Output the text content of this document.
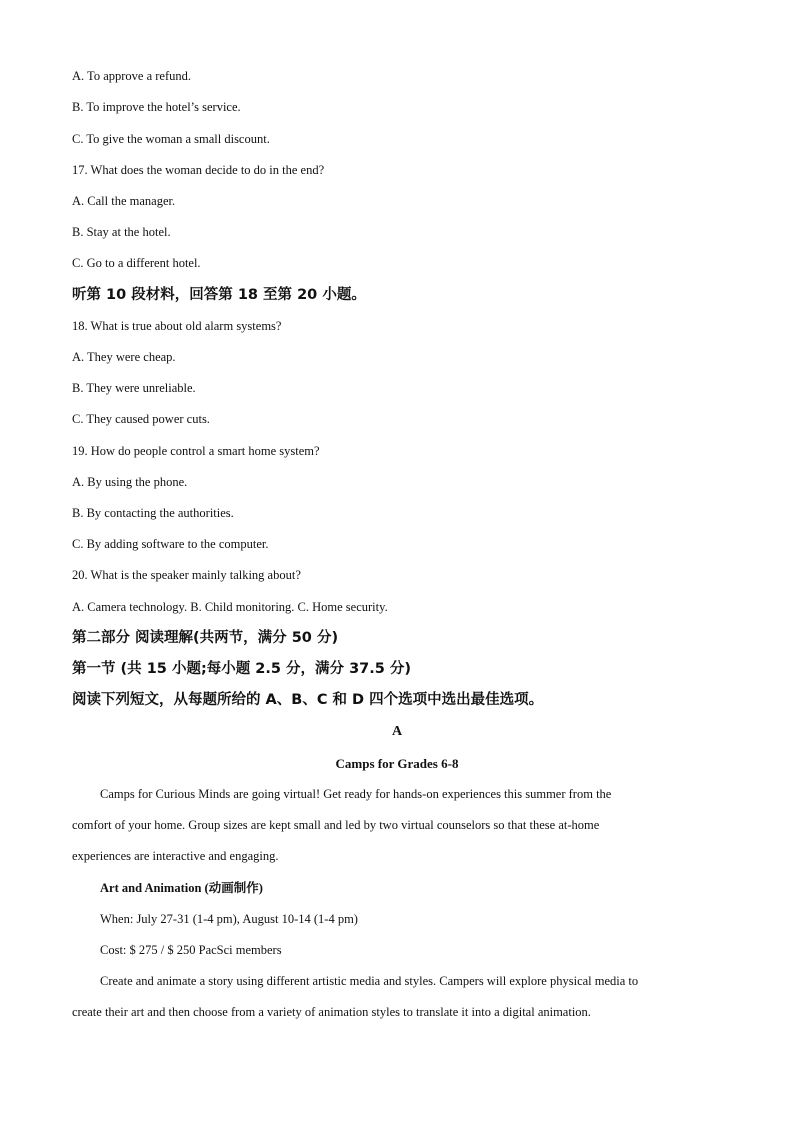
A. To approve a refund.
B. To improve the hotel’s service.
C. To give the woman a small discount.
17. What does the woman decide to do in the end?
A. Call the manager.
B. Stay at the hotel.
C. Go to a different hotel.
听第 10 段材料，回答第 18 至第 20 小题。
18. What is true about old alarm systems?
A. They were cheap.
B. They were unreliable.
C. They caused power cuts.
19. How do people control a smart home system?
A. By using the phone.
B. By contacting the authorities.
C. By adding software to the computer.
20. What is the speaker mainly talking about?
A. Camera technology. B. Child monitoring. C. Home security.
第二部分 阅读理解(共两节，满分 50 分)
第一节 (共 15 小题;每小题 2.5 分，满分 37.5 分)
阅读下列短文，从每题所给的 A、B、C 和 D 四个选项中选出最佳选项。
A
Camps for Grades 6-8
Camps for Curious Minds are going virtual! Get ready for hands-on experiences this summer from the
comfort of your home. Group sizes are kept small and led by two virtual counselors so that these at-home
experiences are interactive and engaging.
Art and Animation (动画制作)
When: July 27-31 (1-4 pm), August 10-14 (1-4 pm)
Cost: $ 275 / $ 250 PacSci members
Create and animate a story using different artistic media and styles. Campers will explore physical media to
create their art and then choose from a variety of animation styles to translate it into a digital animation.
